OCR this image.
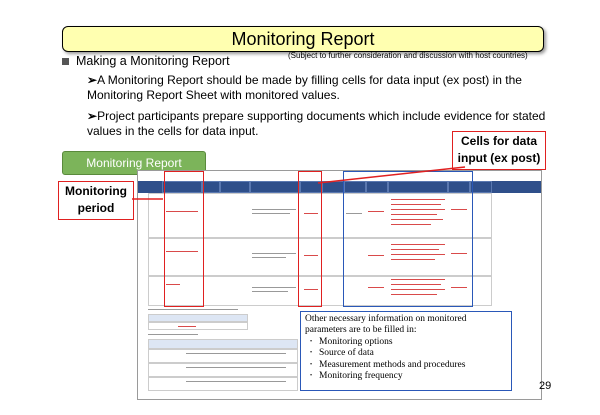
Monitoring Report
(Subject to further consideration and discussion with host countries)
Making a Monitoring Report
➢A Monitoring Report should be made by filling cells for data input (ex post) in the Monitoring Report Sheet with monitored values.
➢Project participants prepare supporting documents which include evidence for stated values in the cells for data input.
Monitoring Report
Cells for data input (ex post)
Monitoring period
Other necessary information on monitored parameters are to be filled in:
• Monitoring options
• Source of data
• Measurement methods and procedures
• Monitoring frequency
29
